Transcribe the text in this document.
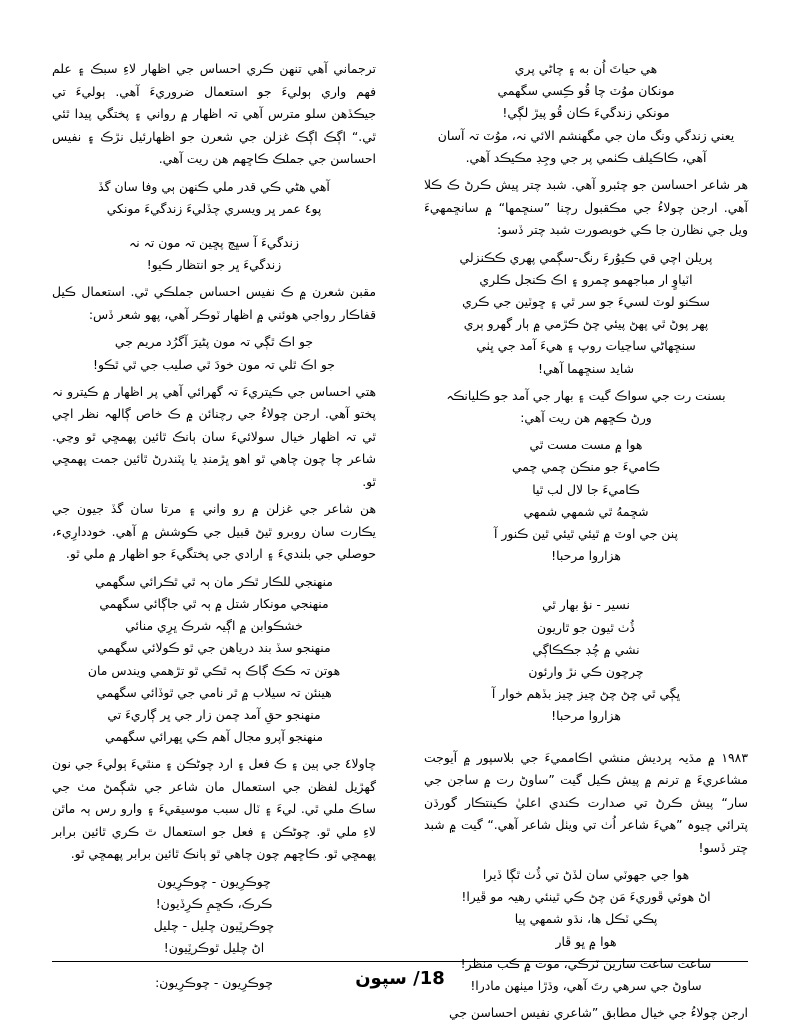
هي حياتَ اُن به ۽ چاڻي پري
مونکان موُٽ چا قُو ڪِسي سگهمي
مونکي زندگيءَ ڪان قُو پيڙ لڳي!
يعني زندگي ونگ مان جي مگهنشم الائي نہ، موُٽ تہ آسان آهي، ڪاڪيلف ڪٺمي پر جي وجِڊ مڪيڪد آهي.

هر شاعر احساسن جو چئبرو آهي. شبد چتر پيش ڪرڻ ڪ ڪلا آهي. ارجن چولاءُ جي مڪقبول رچنا ”سنڇمها“ ۾ سانڇمهيءَ ويل جي نظارن جا ڪي خوبصورت شبد چتر ڏسو:

پريلن اچي قي ڪيوُرءَ رنگ-سڳمي پهري ڪڪنزلي
اٽياوٍ ار مباجهمو چمرو ۽ اڪ ڪنجل ڪلري
سڪنو لوٽ لسيءَ جو سر ٿي ۽ ڇوٽين جي ڪري
پهر پوڻ ٿي پهڻ پيئي چڻ ڪڙمي ۾ ٻار گهرو ٻري
سنڇهاڻي ساڃيات روپ ۽ هيءَ آمد جي ڀٺي
شايد سنڇهما آهي!
بسنت رت جي سواڪ گيت ۽ بهار جي آمد جو ڪليانڪہ
ورڻ ڪڇهم هن ريت آهي:
هوا ۾ مست مست ٿي
ڪاميءَ جو منڪن چمي چمي
ڪاميءَ جا لال لب ٿيا
شڇمهُ ٿي شمهي شمهي
پنن جي اوٽ ۾ ٿيئي ٿيئي ٿين ڪنور آ
هزاروا مرحبا!
نسير - نؤ بهار ٿي
ڏُٺ ٿيون جو ٿاريون
نشي ۾ چُڊ جڪڪاڳي
چرچون ڪي نڙ وارئون
ڀڳي ٿي چڻ چڻ چيز چيز بڏهم خوار آ
هزاروا مرحبا!

١٩٨٣ ۾ مڌيہ پرديش منشي اڪامميءَ جي بلاسپور ۾ آيوجت مشاعريءَ ۾ ترنم ۾ پيش ڪيل گيت ”ساوڻ رت ۾ ساجن جي سار“ پيش ڪرڻ تي صدارت ڪندي اعليٰ ڪينتڪار گورڌن پترائي چيوہ ”هيءَ شاعر اُٺ تي ويٺل شاعر آهي.“ گيت ۾ شبد چتر ڏسو!

هوا جي جهوٽي سان لڏڻ تي ڏُٺ ٿڳا ڏيرا
اڻ هوئي ڦوريءَ مَن چڻ ڪي ٿينئي رهيہ مو ڦيرا!
پڪي ٽڪل ها، نڌو شمهي پيا
هوا ۾ ڀو ڦار
ساعت ساعت سارين ٽرڪي، موت ۾ ڪب منظر!
ساوڻ جي سرهي رتَ آهي، وڌڙا ميٺهن مادرا!

ارجن چولاءُ جي خيال مطابق ”شاعري نفيس احساسن جي

ترجماني آهي تنهن ڪري احساس جي اظهار لاءِ سبڪ ۽ علم فهم واري ٻوليءَ جو استعمال ضروريءَ آهي. ٻوليءَ تي جيڪڏهن سلو مترس آهي تہ اظهار ۾ رواني ۽ پختگي پيدا ٿئي ٿي.“ اڳڪ اڳڪ غزلن جي شعرن جو اظهارئيل نڙڪ ۽ نفيس احساسن جي جملڪ ڪاڇهم هن ريت آهي.

آهي هڻي ڪي قدر ملي ڪنهن ٻي وفا سان گڏ
پو٤ عمر ڀر ويسري چڏليءَ زندگيءَ مونکي
زندگيءَ آ سڀڄ پڇين تہ مون تہ نہ
زندگيءَ ڀر جو انتظار ڪيو!

مقبن شعرن ۾ ڪ نفيس احساس جملڪي ٿي. استعمال ڪيل قفاڪار رواجي هوئني ۾ اظهار ٽوڪر آهي، پهو شعر ڏس:

جو اڪ ٿڳي تہ مون پڻيرَ آگرُد مريم جي
جو اڪ ٿلي تہ مون خودَ ٿي صليب جي ٿي ٿڪو!

هتي احساس جي ڪيتريءَ تہ گهرائي آهي پر اظهار ۾ ڪيترو نہ پختو آهي. ارجن چولاءُ جي رچنائن ۾ ڪ خاص ڳالهہ نظر اچي ٿي تہ اظهار خيال سولائيءَ سان ٻانڪ ٿائين پهمڇي ٿو وڃي. شاعر چا چون چاهي ٿو اهو ڀڙمنڊ يا پٽندرڻ ٿائين جمت پهمڇي ٿو.

هن شاعر جي غزلن ۾ رو واني ۽ مرتا سان گڏ جيون جي يڪارت سان روبرو ٿيڻ قبيل جي ڪوشش ۾ آهي. خوددارِيء، حوصلي جي بلنديءَ ۽ ارادي جي پختگيءَ جو اظهار ۾ ملي ٿو.

منهنجي للڪار ٿڪر مان ٻہ ٿي ٿڪرائي سگهمي
منهنجي مونکار شتل ۾ ٻہ ٿي جاڳائي سگهمي
خشڪوابن ۾ اڳيہ شرڪ ڀرِي منائي
منهنجو سڏ بند درياهن جي ٿو ڪولائي سگهمي
هوتن تہ ڪڪ ڳاڪ ٻہ ٿڪي ٿو تڙهمي ويندس مان
هينئن تہ سيلاب ۾ ٿر نامي جي ٿوڏائي سگهمي
منهنجو حقِ آمد چمن زار جي ڀر ڳاريءَ تي
منهنجو آپرو مجال آهم ڪي ڀهرائي سگهمي

چاولا٤ جي ٻين ۽ ڪ فعل ۽ ارد چوڻڪن ۽ منٿيءَ ٻوليءَ جي نون گهڙيل لفظن جي استعمال مان شاعر جي شڳمڻ مٺ جي ساڪ ملي ٿي. ليءَ ۽ ٽال سبب موسيقيءَ ۽ وارو رس ٻہ ماٿن لاءِ ملي ٿو. چوڻڪن ۽ فعل جو استعمال ٿ ڪري ٿائين برابر پهمڇي ٿو. ڪاڇهم چون چاهي ٿو ٻانڪ ٿائين برابر پهمڇي ٿو.

چوڪرِيون - چوڪرِيون
ڪرڪ، ڪڇمِ ڪرِڏيون!
چوڪرٽِيون چليل - چليل
اڻ چليل ٿوڪرٽِيون!
چوڪرِيون - چوڪرِيون:	18/ سپون
